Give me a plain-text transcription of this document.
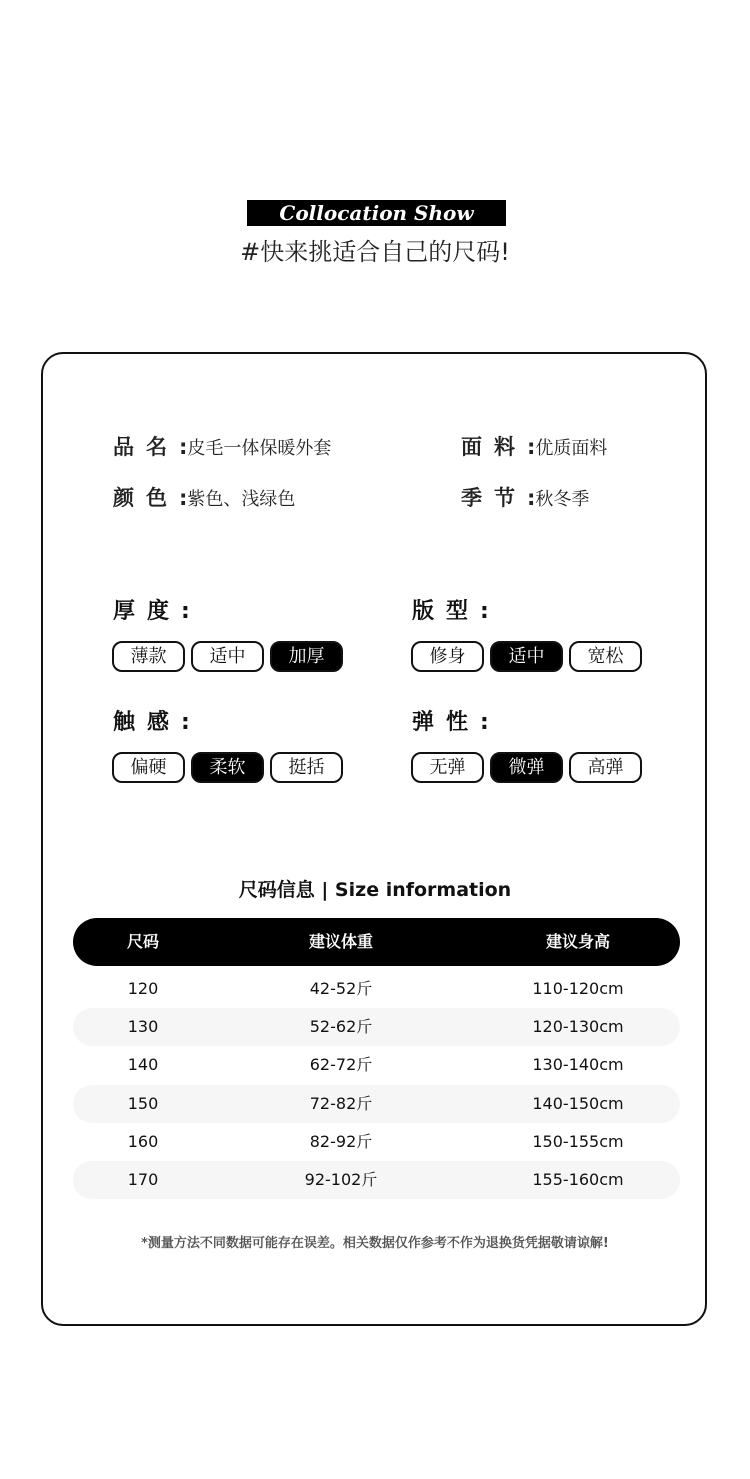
Collocation Show
#快来挑适合自己的尺码!
品名:皮毛一体保暖外套	面料:优质面料
颜色:紫色、浅绿色	季节:秋冬季
厚度:
薄款	适中	加厚
版型:
修身	适中	宽松
触感:
偏硬	柔软	挺括
弹性:
无弹	微弹	高弹
尺码信息 | Size information
尺码	建议体重	建议身高
120	42-52斤	110-120cm
130	52-62斤	120-130cm
140	62-72斤	130-140cm
150	72-82斤	140-150cm
160	82-92斤	150-155cm
170	92-102斤	155-160cm
*测量方法不同数据可能存在误差。相关数据仅作参考不作为退换货凭据敬请谅解!
